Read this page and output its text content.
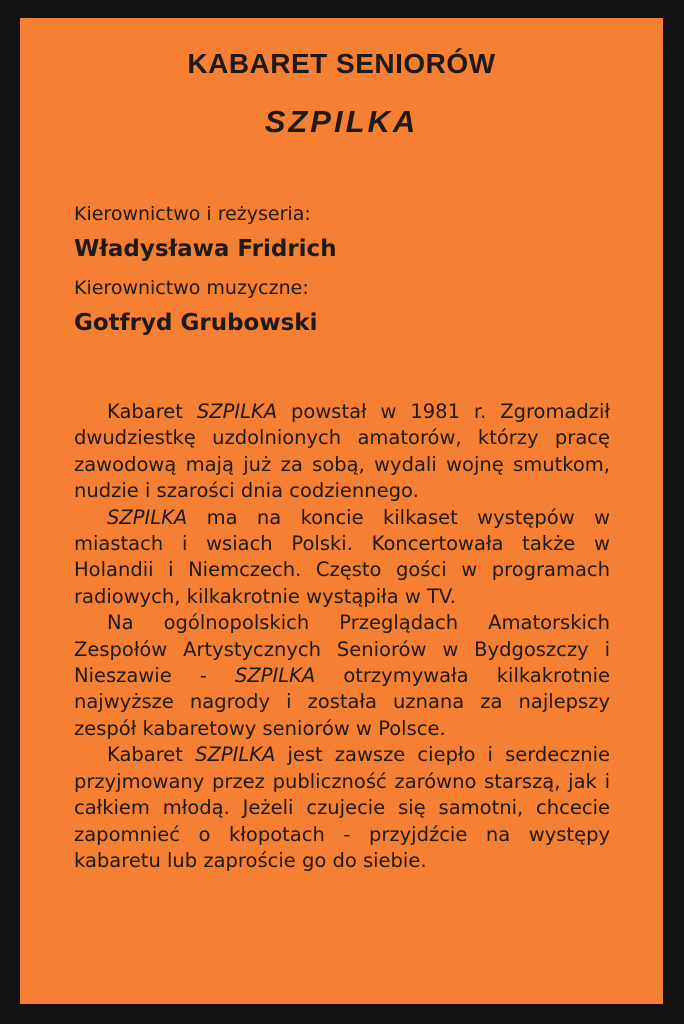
KABARET SENIORÓW
SZPILKA
Kierownictwo i reżyseria:
Władysława Fridrich
Kierownictwo muzyczne:
Gotfryd Grubowski

Kabaret SZPILKA powstał w 1981 r. Zgromadził dwudziestkę uzdolnionych amatorów, którzy pracę zawodową mają już za sobą, wydali wojnę smutkom, nudzie i szarości dnia codziennego.

SZPILKA ma na koncie kilkaset występów w miastach i wsiach Polski. Koncertowała także w Holandii i Niemczech. Często gości w programach radiowych, kilkakrotnie wystąpiła w TV.

Na ogólnopolskich Przeglądach Amatorskich Zespołów Artystycznych Seniorów w Bydgoszczy i Nieszawie - SZPILKA otrzymywała kilkakrotnie najwyższe nagrody i została uznana za najlepszy zespół kabaretowy seniorów w Polsce.

Kabaret SZPILKA jest zawsze ciepło i serdecznie przyjmowany przez publiczność zarówno starszą, jak i całkiem młodą. Jeżeli czujecie się samotni, chcecie zapomnieć o kłopotach - przyjdźcie na występy kabaretu lub zaproście go do siebie.
